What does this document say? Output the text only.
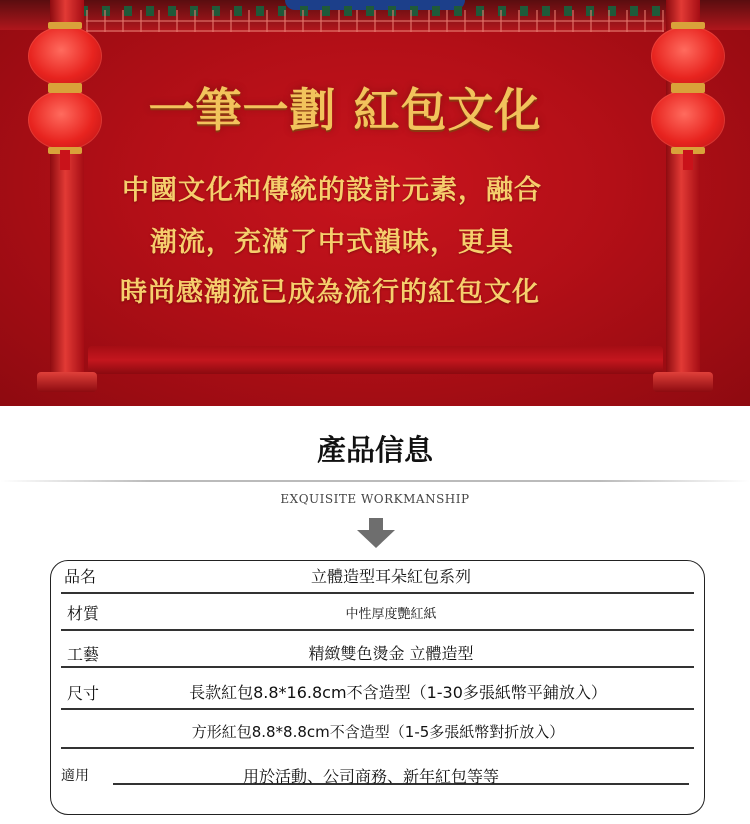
一筆一劃 紅包文化
中國文化和傳統的設計元素，融合
潮流，充滿了中式韻味，更具
時尚感潮流已成為流行的紅包文化
產品信息
EXQUISITE WORKMANSHIP
品名	立體造型耳朵紅包系列
材質	中性厚度艷紅紙
工藝	精緻雙色燙金 立體造型
尺寸	長款紅包8.8*16.8cm不含造型（1-30多張紙幣平鋪放入）
方形紅包8.8*8.8cm不含造型（1-5多張紙幣對折放入）
適用	用於活動、公司商務、新年紅包等等
